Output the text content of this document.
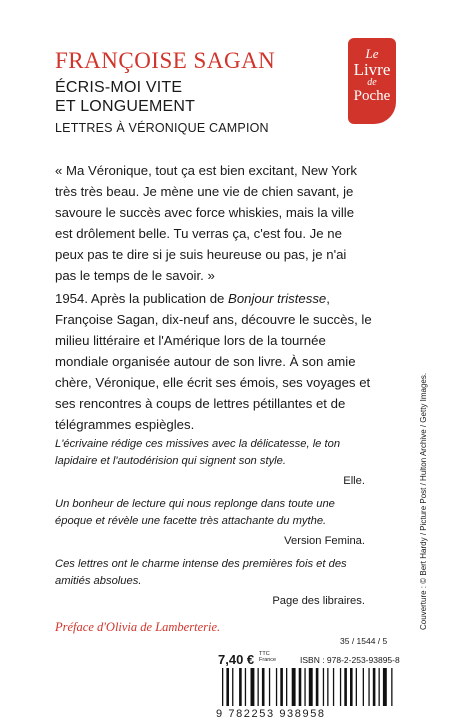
FRANÇOISE SAGAN
ÉCRIS-MOI VITE
ET LONGUEMENT
LETTRES À VÉRONIQUE CAMPION
Le
Livre
de
Poche
« Ma Véronique, tout ça est bien excitant, New York très très beau. Je mène une vie de chien savant, je savoure le succès avec force whiskies, mais la ville est drôlement belle. Tu verras ça, c'est fou. Je ne peux pas te dire si je suis heureuse ou pas, je n'ai pas le temps de le savoir. »
1954. Après la publication de Bonjour tristesse, Françoise Sagan, dix-neuf ans, découvre le succès, le milieu littéraire et l'Amérique lors de la tournée mondiale organisée autour de son livre. À son amie chère, Véronique, elle écrit ses émois, ses voyages et ses rencontres à coups de lettres pétillantes et de télégrammes espiègles.

L'écrivaine rédige ces missives avec la délicatesse, le ton lapidaire et l'autodérision qui signent son style.

Elle.

Un bonheur de lecture qui nous replonge dans toute une époque et révèle une facette très attachante du mythe.

Version Femina.

Ces lettres ont le charme intense des premières fois et des amitiés absolues.

Page des libraires.

Préface d'Olivia de Lamberterie.	Couverture : © Bert Hardy / Picture Post / Hulton Archive / Getty Images.
35 / 1544 / 5
ISBN : 978-2-253-93895-8
7,40 € TTC
France
9 782253 938958
